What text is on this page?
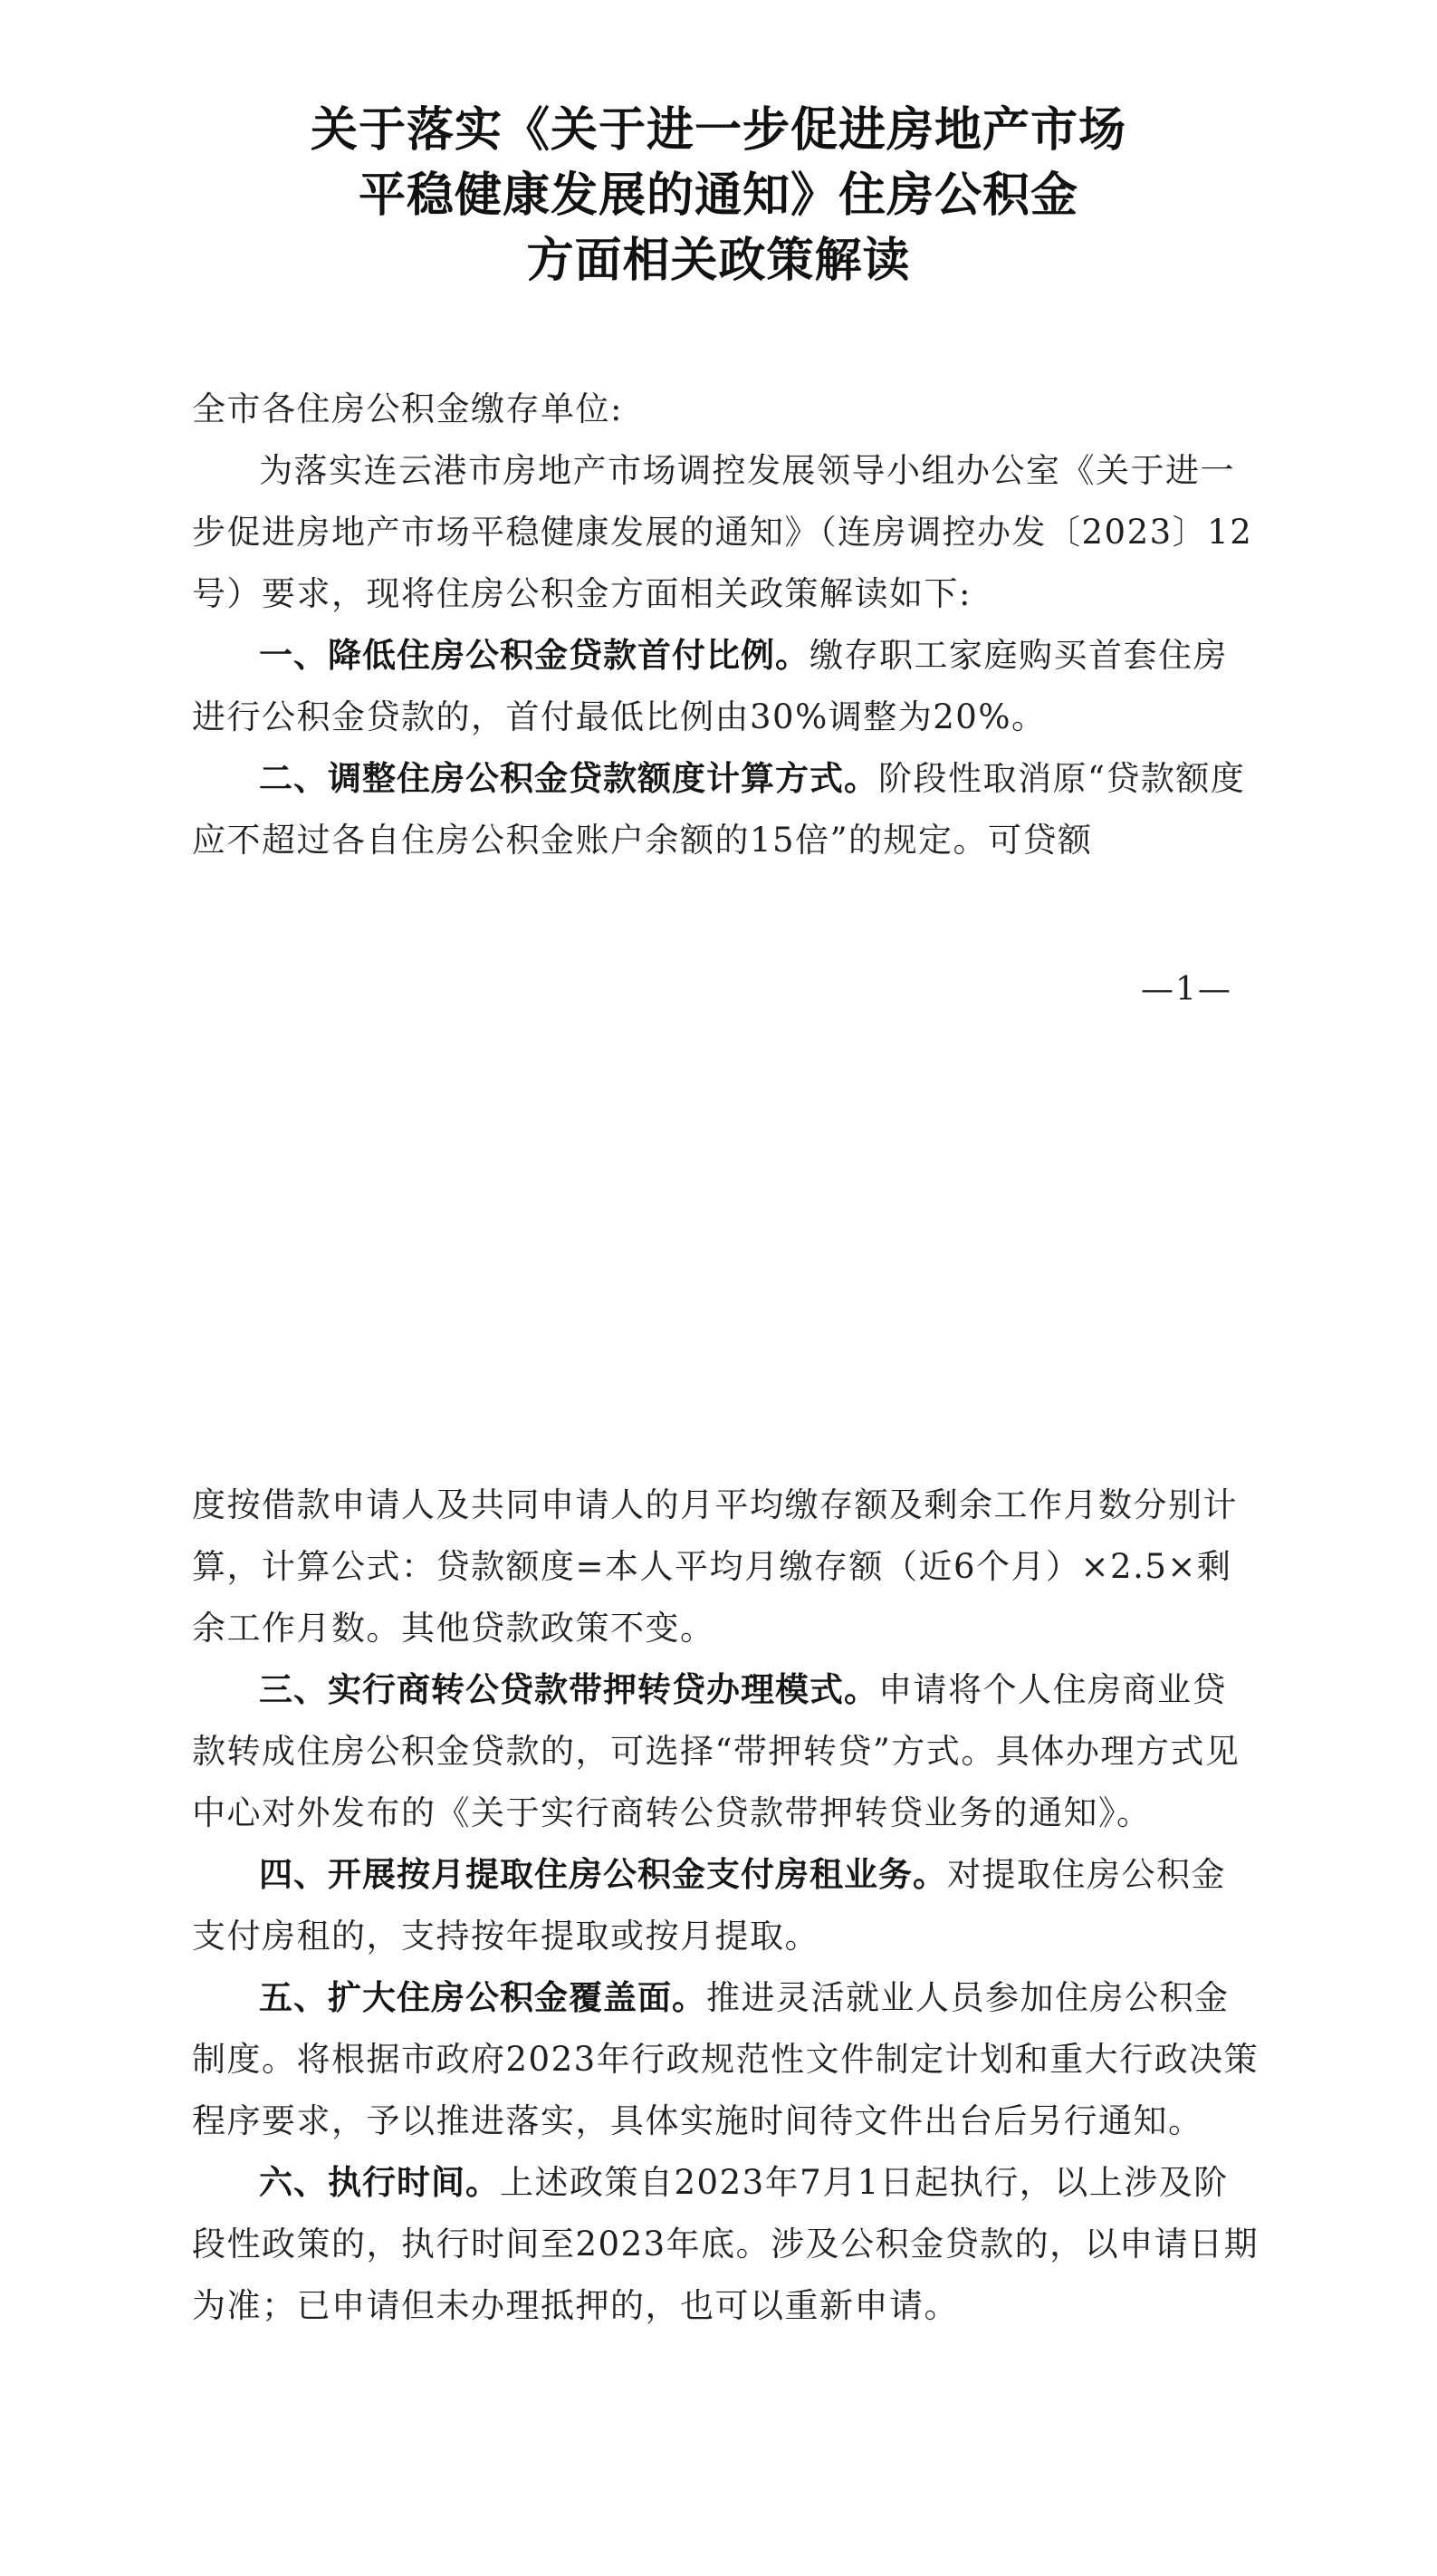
关于落实《关于进一步促进房地产市场
平稳健康发展的通知》住房公积金
方面相关政策解读

全市各住房公积金缴存单位:

为落实连云港市房地产市场调控发展领导小组办公室《关于进一步促进房地产市场平稳健康发展的通知》（连房调控办发〔2023〕12号）要求，现将住房公积金方面相关政策解读如下:

一、降低住房公积金贷款首付比例。缴存职工家庭购买首套住房进行公积金贷款的，首付最低比例由30%调整为20%。

二、调整住房公积金贷款额度计算方式。阶段性取消原“贷款额度应不超过各自住房公积金账户余额的15倍”的规定。可贷额

—1—

度按借款申请人及共同申请人的月平均缴存额及剩余工作月数分别计算，计算公式：贷款额度=本人平均月缴存额（近6个月）×2.5×剩余工作月数。其他贷款政策不变。

三、实行商转公贷款带押转贷办理模式。申请将个人住房商业贷款转成住房公积金贷款的，可选择“带押转贷”方式。具体办理方式见中心对外发布的《关于实行商转公贷款带押转贷业务的通知》。

四、开展按月提取住房公积金支付房租业务。对提取住房公积金支付房租的，支持按年提取或按月提取。

五、扩大住房公积金覆盖面。推进灵活就业人员参加住房公积金制度。将根据市政府2023年行政规范性文件制定计划和重大行政决策程序要求，予以推进落实，具体实施时间待文件出台后另行通知。

六、执行时间。上述政策自2023年7月1日起执行，以上涉及阶段性政策的，执行时间至2023年底。涉及公积金贷款的，以申请日期为准；已申请但未办理抵押的，也可以重新申请。
